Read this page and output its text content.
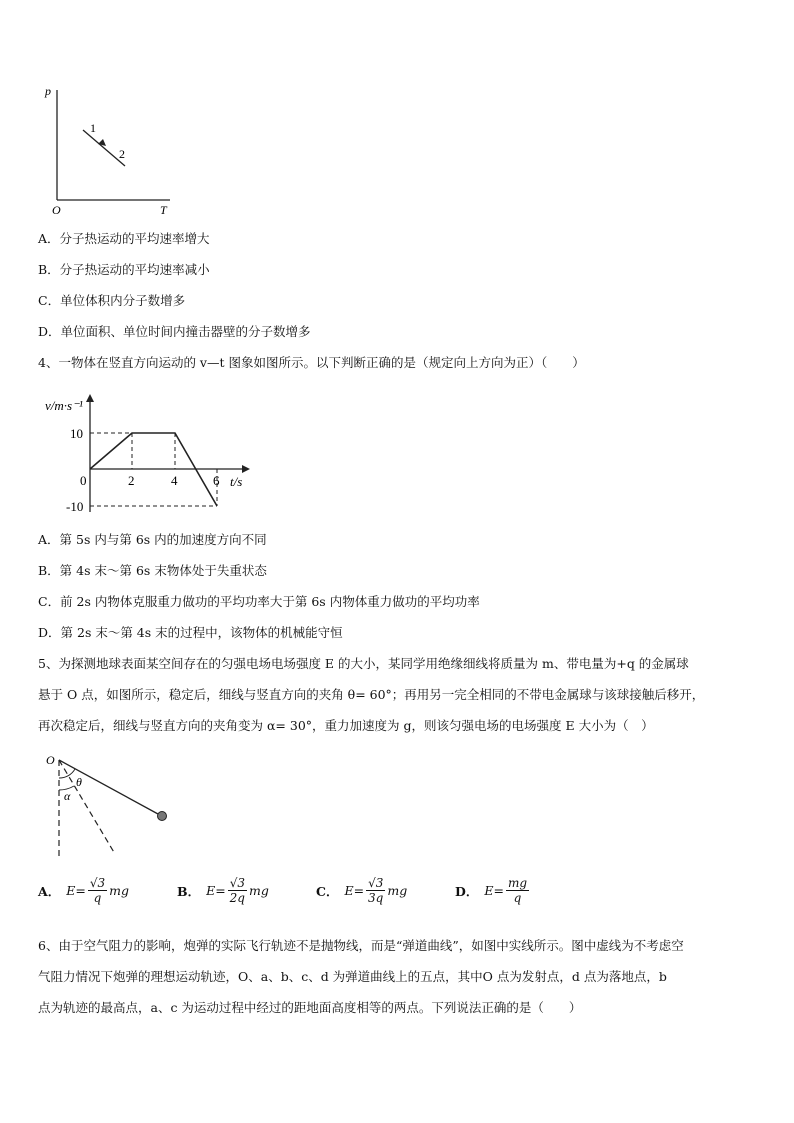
p
T
O
1
2
A．分子热运动的平均速率增大
B．分子热运动的平均速率减小
C．单位体积内分子数增多
D．单位面积、单位时间内撞击器壁的分子数增多
4、一物体在竖直方向运动的 v—t 图象如图所示。以下判断正确的是（规定向上方向为正）（　　）
v/m·s⁻¹
10
-10
0	2	4	6 t/s
A．第 5s 内与第 6s 内的加速度方向不同
B．第 4s 末～第 6s 末物体处于失重状态
C．前 2s 内物体克服重力做功的平均功率大于第 6s 内物体重力做功的平均功率
D．第 2s 末～第 4s 末的过程中，该物体的机械能守恒
5、为探测地球表面某空间存在的匀强电场电场强度 E 的大小，某同学用绝缘细线将质量为 m、带电量为+q 的金属球
悬于 O 点，如图所示，稳定后，细线与竖直方向的夹角 θ= 60°；再用另一完全相同的不带电金属球与该球接触后移开，
再次稳定后，细线与竖直方向的夹角变为 α= 30°，重力加速度为 g，则该匀强电场的电场强度 E 大小为（　）
O
θ
α
A． $E= \frac{√3}{q}$ mg	B． $E= \frac{√3}{2q}$ mg	C． $E= \frac{√3}{3q}$ mg	D． $E= \frac{mg}{q}$
6、由于空气阻力的影响，炮弹的实际飞行轨迹不是抛物线，而是“弹道曲线”，如图中实线所示。图中虚线为不考虑空
气阻力情况下炮弹的理想运动轨迹，O、a、b、c、d 为弹道曲线上的五点，其中O 点为发射点，d 点为落地点，b
点为轨迹的最高点，a、c 为运动过程中经过的距地面高度相等的两点。下列说法正确的是（　　）
